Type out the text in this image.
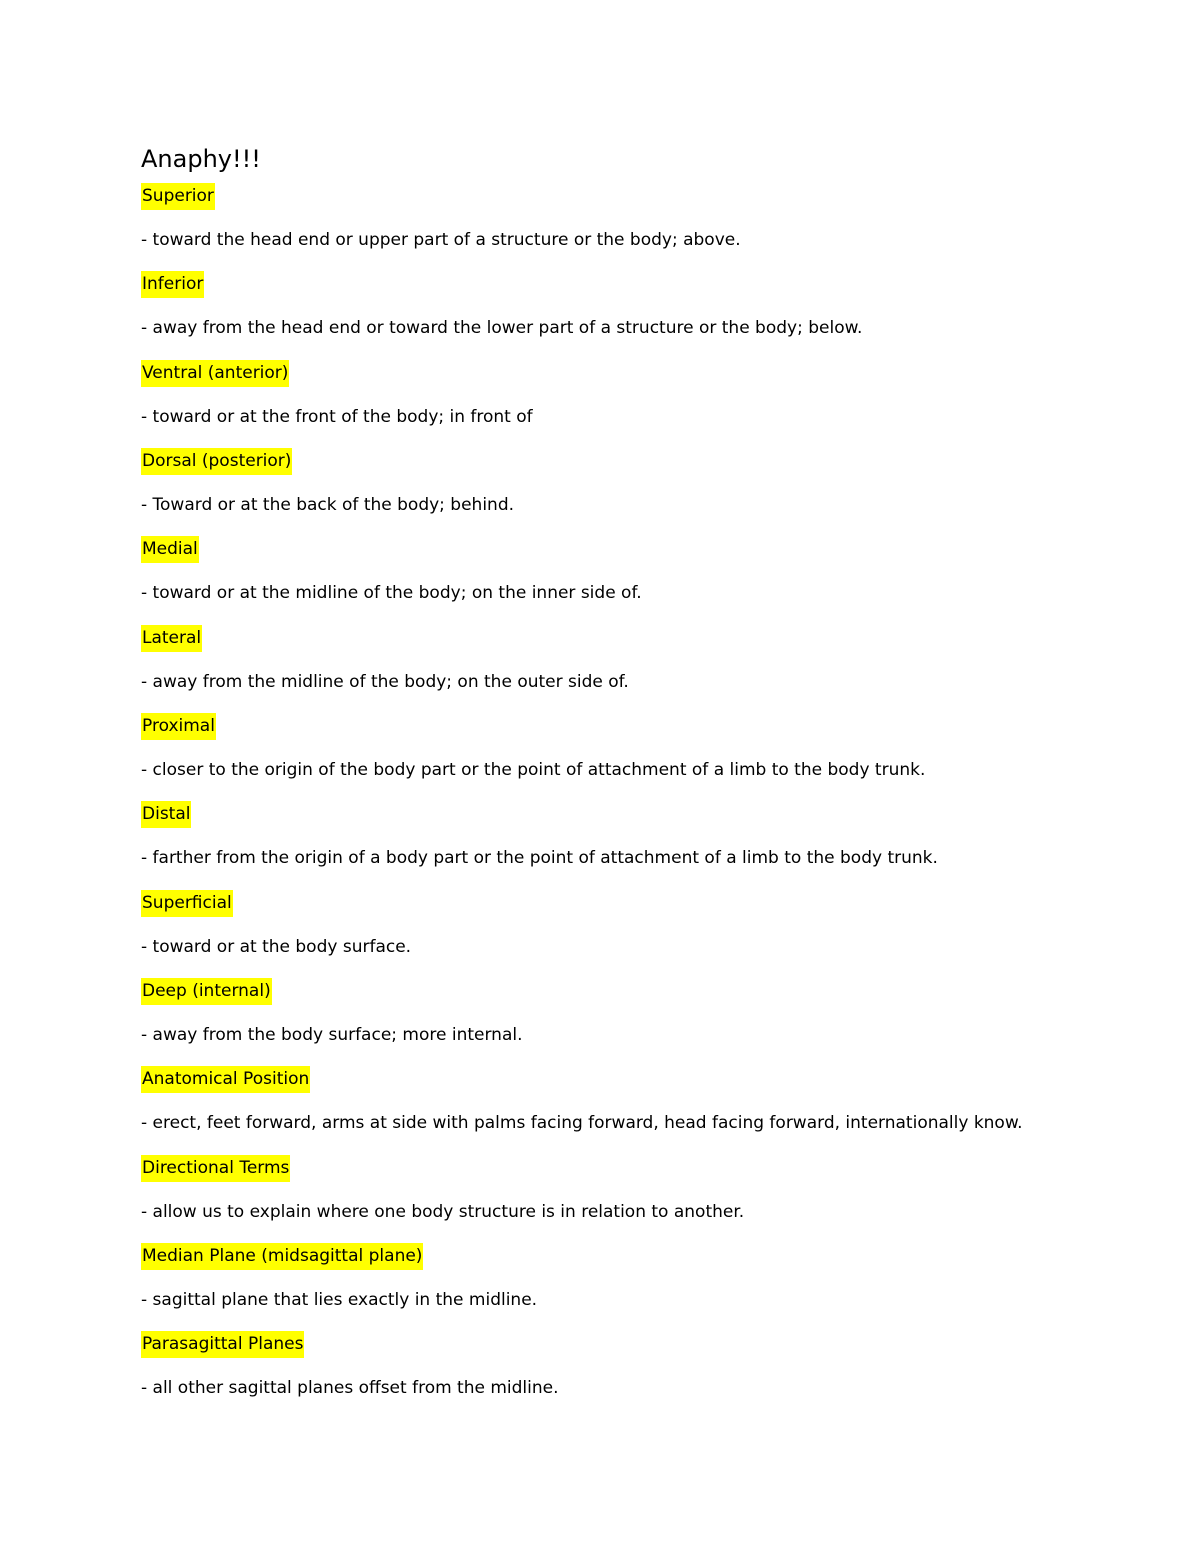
Anaphy!!!
Superior
- toward the head end or upper part of a structure or the body; above.
Inferior
- away from the head end or toward the lower part of a structure or the body; below.
Ventral (anterior)
- toward or at the front of the body; in front of
Dorsal (posterior)
- Toward or at the back of the body; behind.
Medial
- toward or at the midline of the body; on the inner side of.
Lateral
- away from the midline of the body; on the outer side of.
Proximal
- closer to the origin of the body part or the point of attachment of a limb to the body trunk.
Distal
- farther from the origin of a body part or the point of attachment of a limb to the body trunk.
Superficial
- toward or at the body surface.
Deep (internal)
- away from the body surface; more internal.
Anatomical Position
- erect, feet forward, arms at side with palms facing forward, head facing forward, internationally know.
Directional Terms
- allow us to explain where one body structure is in relation to another.
Median Plane (midsagittal plane)
- sagittal plane that lies exactly in the midline.
Parasagittal Planes
- all other sagittal planes offset from the midline.
